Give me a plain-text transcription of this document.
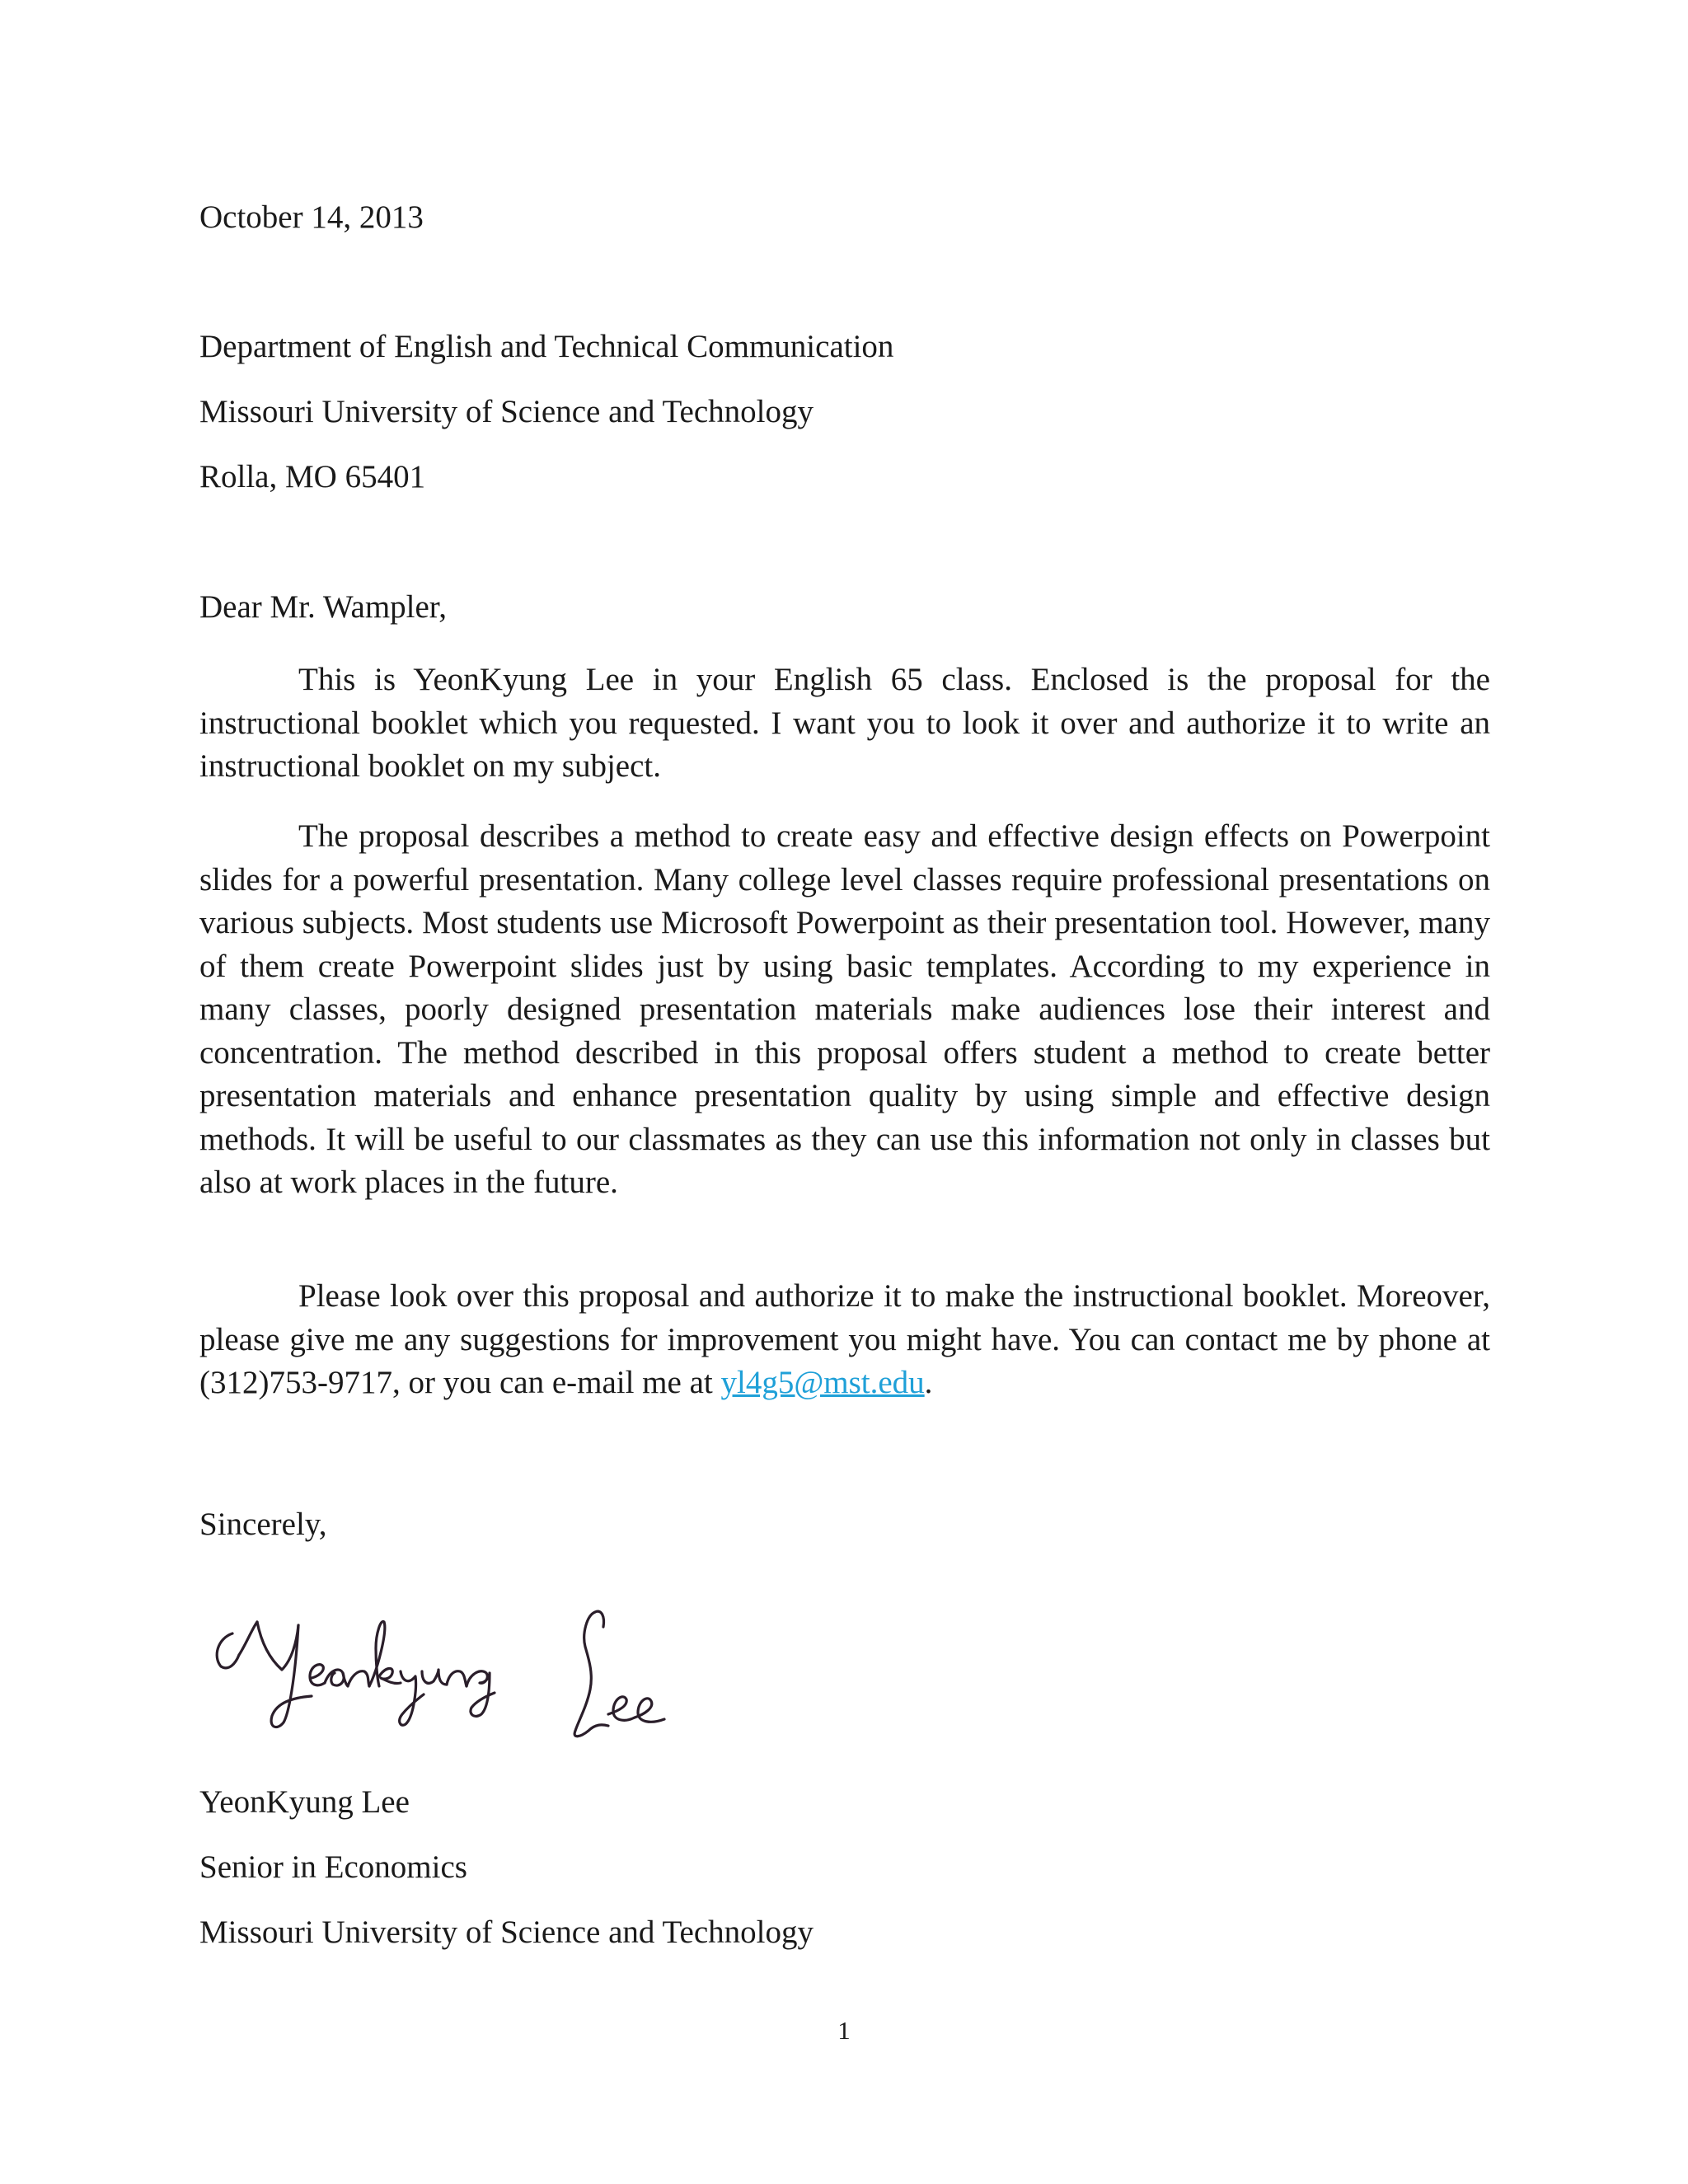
October 14, 2013

Department of English and Technical Communication

Missouri University of Science and Technology

Rolla, MO 65401

Dear Mr. Wampler,

This is YeonKyung Lee in your English 65 class. Enclosed is the proposal for the instructional booklet which you requested. I want you to look it over and authorize it to write an instructional booklet on my subject.

The proposal describes a method to create easy and effective design effects on Powerpoint slides for a powerful presentation. Many college level classes require professional presentations on various subjects. Most students use Microsoft Powerpoint as their presentation tool. However, many of them create Powerpoint slides just by using basic templates. According to my experience in many classes, poorly designed presentation materials make audiences lose their interest and concentration. The method described in this proposal offers student a method to create better presentation materials and enhance presentation quality by using simple and effective design methods. It will be useful to our classmates as they can use this information not only in classes but also at work places in the future.

Please look over this proposal and authorize it to make the instructional booklet. Moreover, please give me any suggestions for improvement you might have. You can contact me by phone at (312)753-9717, or you can e-mail me at yl4g5@mst.edu.

Sincerely,

YeonKyung Lee

Senior in Economics

Missouri University of Science and Technology

1
